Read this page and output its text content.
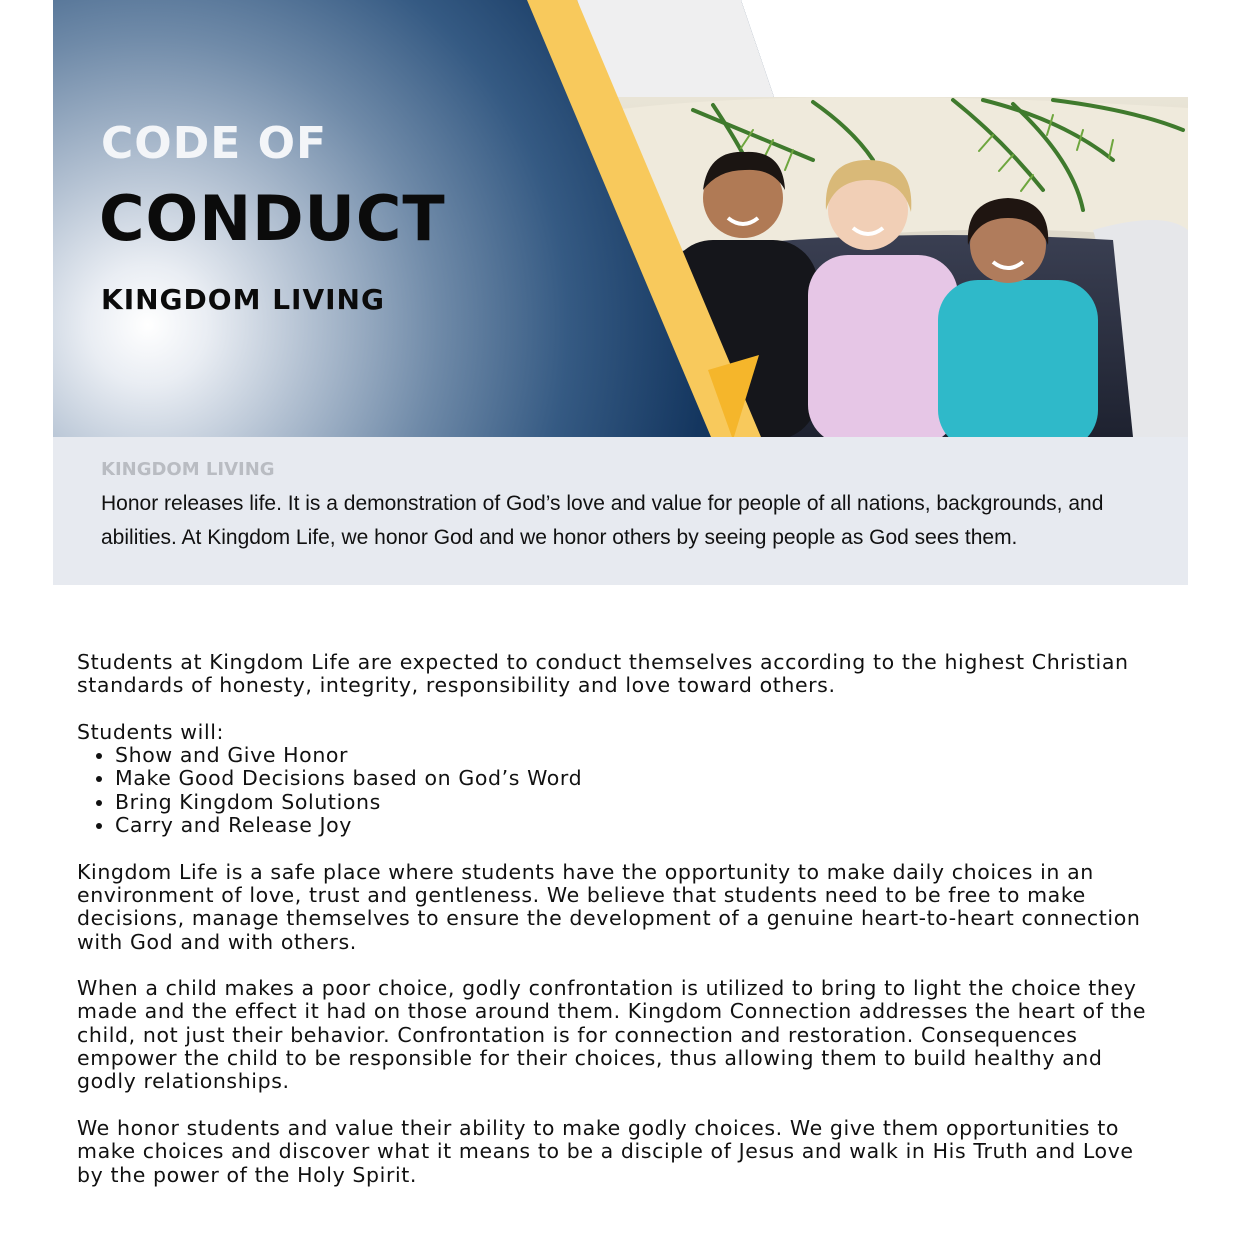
CODE OF
CONDUCT
KINGDOM LIVING
KINGDOM LIVING

Honor releases life. It is a demonstration of God’s love and value for people of all nations, backgrounds, and abilities. At Kingdom Life, we honor God and we honor others by seeing people as God sees them.

Students at Kingdom Life are expected to conduct themselves according to the highest Christian standards of honesty, integrity, responsibility and love toward others.

Students will:

• Show and Give Honor
• Make Good Decisions based on God’s Word
• Bring Kingdom Solutions
• Carry and Release Joy

Kingdom Life is a safe place where students have the opportunity to make daily choices in an environment of love, trust and gentleness. We believe that students need to be free to make decisions, manage themselves to ensure the development of a genuine heart-to-heart connection with God and with others.

When a child makes a poor choice, godly confrontation is utilized to bring to light the choice they made and the effect it had on those around them. Kingdom Connection addresses the heart of the child, not just their behavior. Confrontation is for connection and restoration. Consequences empower the child to be responsible for their choices, thus allowing them to build healthy and godly relationships.

We honor students and value their ability to make godly choices. We give them opportunities to make choices and discover what it means to be a disciple of Jesus and walk in His Truth and Love by the power of the Holy Spirit.
